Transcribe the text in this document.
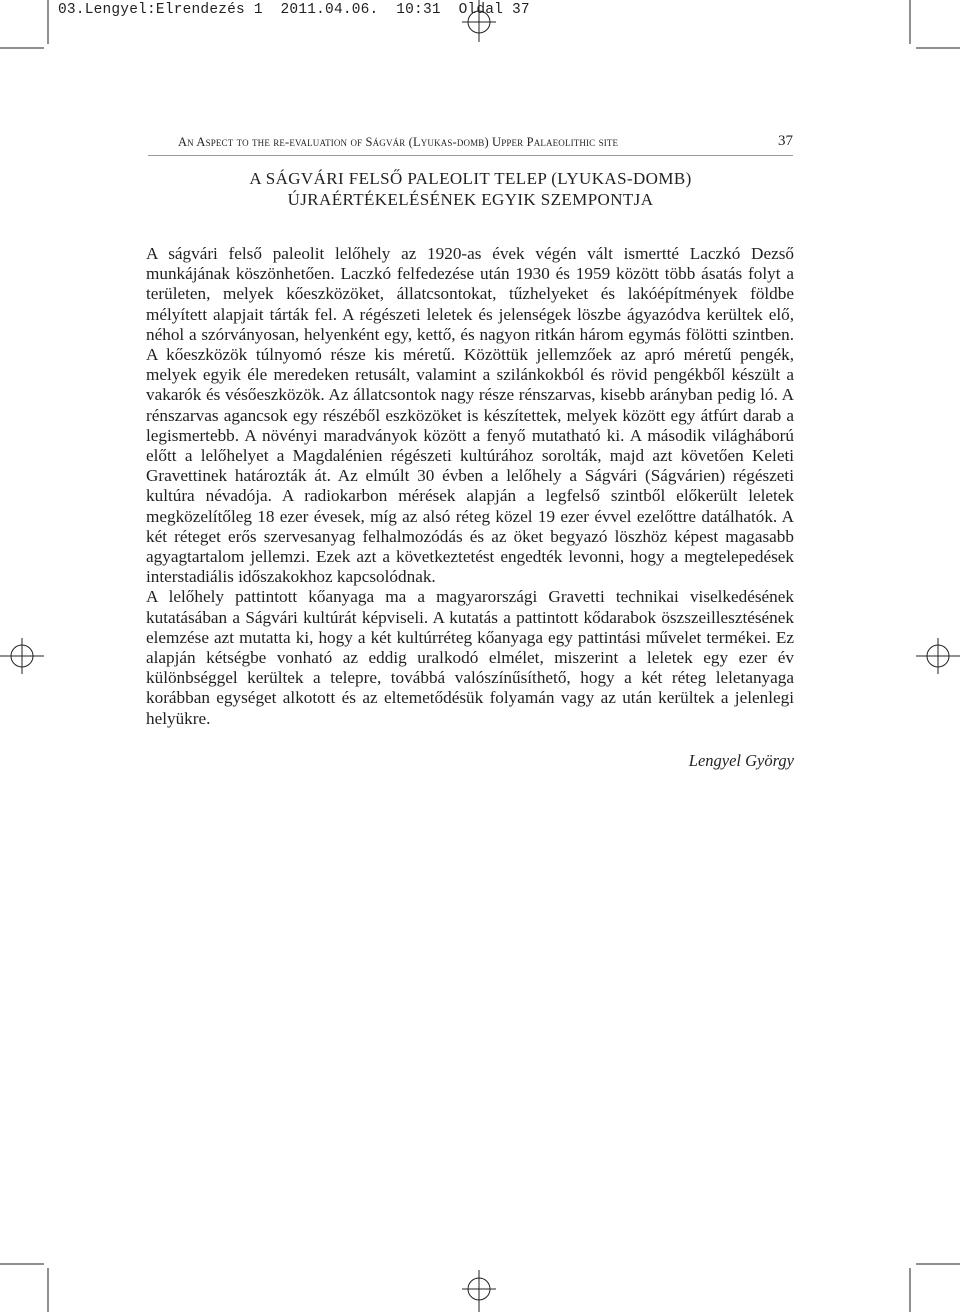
03.Lengyel:Elrendezés 1  2011.04.06.  10:31  Oldal 37
An Aspect to the re-evaluation of Ságvár (Lyukas-domb) Upper Palaeolithic site	37
A SÁGVÁRI FELSŐ PALEOLIT TELEP (LYUKAS-DOMB)
ÚJRAÉRTÉKELÉSÉNEK EGYIK SZEMPONTJA

A ságvári felső paleolit lelőhely az 1920-as évek végén vált ismertté Laczkó Dezső munkájának köszönhetően. Laczkó felfedezése után 1930 és 1959 között több ásatás folyt a területen, melyek kőeszközöket, állatcsontokat, tűzhelyeket és lakóépítmények földbe mélyített alapjait tárták fel. A régészeti leletek és jelenségek löszbe ágyazódva kerültek elő, néhol a szórványosan, helyenként egy, kettő, és nagyon ritkán három egymás fölötti szintben. A kőeszközök túlnyomó része kis méretű. Közöttük jellemzőek az apró méretű pengék, melyek egyik éle meredeken retusált, valamint a szilánkokból és rövid pengékből készült a vakarók és vésőeszközök. Az állatcsontok nagy része rénszarvas, kisebb arányban pedig ló. A rénszarvas agancsok egy részéből eszközöket is készítettek, melyek között egy átfúrt darab a legismertebb. A növényi maradványok között a fenyő mutatható ki. A második világháború előtt a lelőhelyet a Magdalénien régészeti kultúrához sorolták, majd azt követően Keleti Gravettinek határozták át. Az elmúlt 30 évben a lelőhely a Ságvári (Ságvárien) régészeti kultúra névadója. A radiokarbon mérések alapján a legfelső szintből előkerült leletek megközelítőleg 18 ezer évesek, míg az alsó réteg közel 19 ezer évvel ezelőttre datálhatók. A két réteget erős szervesanyag felhalmozódás és az öket begyazó löszhöz képest magasabb agyagtartalom jellemzi. Ezek azt a következtetést engedték levonni, hogy a megtelepedések interstadiális időszakokhoz kapcsolódnak.

A lelőhely pattintott kőanyaga ma a magyarországi Gravetti technikai viselkedésének kutatásában a Ságvári kultúrát képviseli. A kutatás a pattintott kődarabok öszszeillesztésének elemzése azt mutatta ki, hogy a két kultúrréteg kőanyaga egy pattintási művelet termékei. Ez alapján kétségbe vonható az eddig uralkodó elmélet, miszerint a leletek egy ezer év különbséggel kerültek a telepre, továbbá valószínűsíthető, hogy a két réteg leletanyaga korábban egységet alkotott és az eltemetődésük folyamán vagy az után kerültek a jelenlegi helyükre.

Lengyel György
